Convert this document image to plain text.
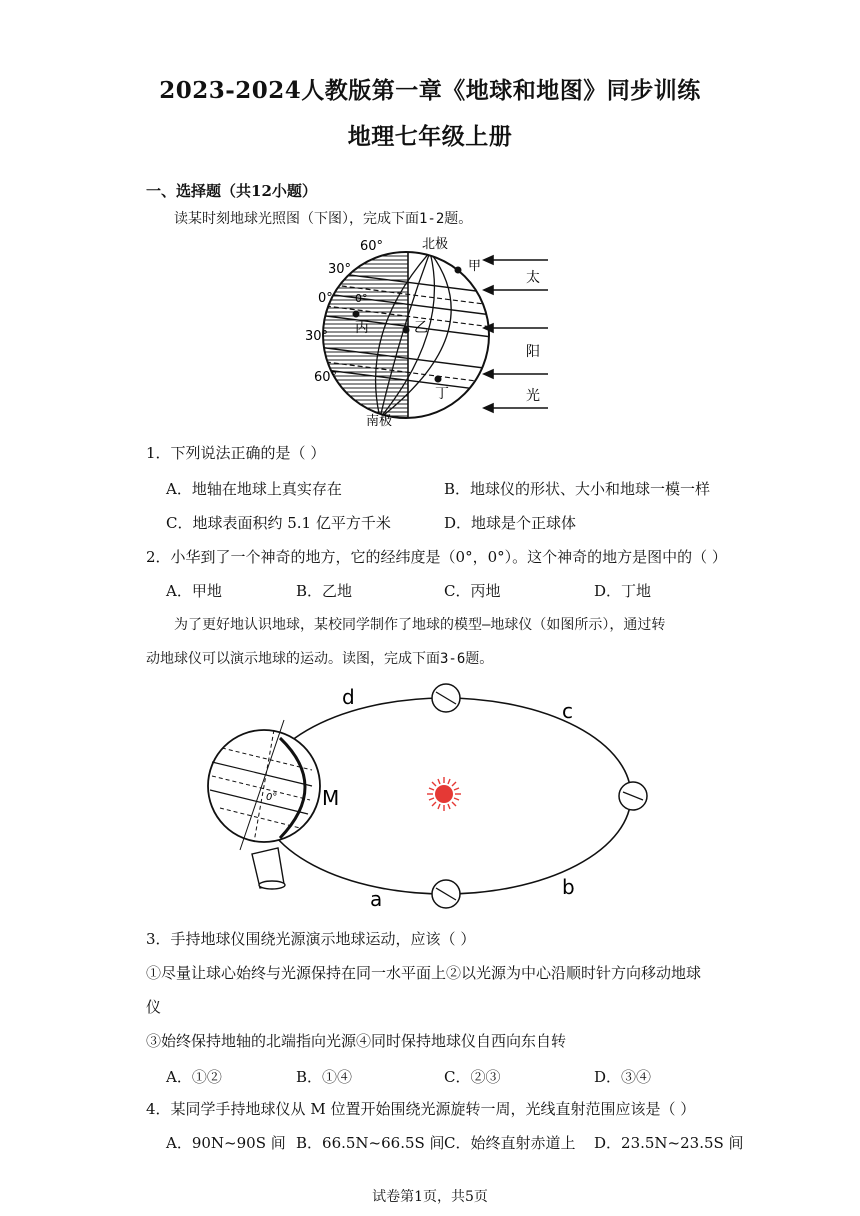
2023-2024人教版第一章《地球和地图》同步训练
地理七年级上册
一、选择题（共12小题）
读某时刻地球光照图（下图），完成下面1-2题。
60°	北极
30°
0° 0°
30°
60°
南极
甲
丙	乙
丁
太
阳
光
1．下列说法正确的是（ ）
A．地轴在地球上真实存在	B．地球仪的形状、大小和地球一模一样
C．地球表面积约 5.1 亿平方千米	D．地球是个正球体
2．小华到了一个神奇的地方，它的经纬度是（0°，0°）。这个神奇的地方是图中的（ ）
A．甲地	B．乙地	C．丙地	D．丁地
为了更好地认识地球，某校同学制作了地球的模型—地球仪（如图所示），通过转
动地球仪可以演示地球的运动。读图，完成下面3-6题。
0° M
d
c
b
a
3．手持地球仪围绕光源演示地球运动，应该（ ）
①尽量让球心始终与光源保持在同一水平面上②以光源为中心沿顺时针方向移动地球
仪
③始终保持地轴的北端指向光源④同时保持地球仪自西向东自转
A．①②	B．①④	C．②③	D．③④
4．某同学手持地球仪从 M 位置开始围绕光源旋转一周，光线直射范围应该是（ ）
A．90N~90S 间 B．66.5N~66.5S 间 C．始终直射赤道上 D．23.5N~23.5S 间
试卷第1页，共5页
